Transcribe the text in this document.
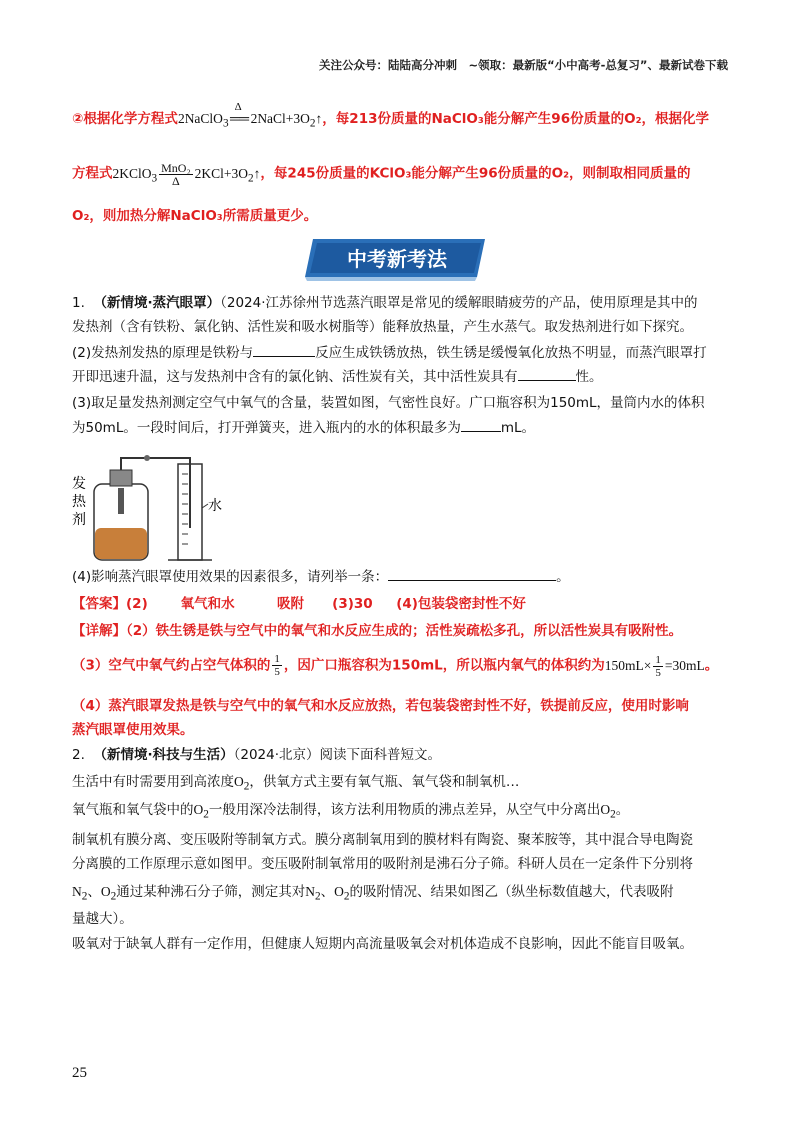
关注公众号：陆陆高分冲刺　~领取：最新版“小中高考-总复习”、最新试卷下载
②根据化学方程式2NaClO$_3$
Δ
$══2NaCl+3O_2↑$，每213份质量的NaClO₃能分解产生96份质量的O₂，根据化学
方程式2KClO$_3$ $\frac{\text{MnO₂}}{\Delta}$ $2KCl+3O_2↑$，每245份质量的KClO₃能分解产生96份质量的O₂，则制取相同质量的
O₂，则加热分解NaClO₃所需质量更少。
中考新考法
1. （新情境·蒸汽眼罩）（2024·江苏徐州节选蒸汽眼罩是常见的缓解眼睛疲劳的产品，使用原理是其中的
发热剂（含有铁粉、氯化钠、活性炭和吸水树脂等）能释放热量，产生水蒸气。取发热剂进行如下探究。
(2)发热剂发热的原理是铁粉与	反应生成铁锈放热，铁生锈是缓慢氧化放热不明显，而蒸汽眼罩打
开即迅速升温，这与发热剂中含有的氯化钠、活性炭有关，其中活性炭具有	性。
(3)取足量发热剂测定空气中氧气的含量，装置如图，气密性良好。广口瓶容积为150mL，量筒内水的体积
为50mL。一段时间后，打开弹簧夹，进入瓶内的水的体积最多为	mL。
发
热
剂
水
(4)影响蒸汽眼罩使用效果的因素很多，请列举一条：	。
【答案】(2) 氧气和水	吸附 (3)30 (4)包装袋密封性不好
【详解】（2）铁生锈是铁与空气中的氧气和水反应生成的；活性炭疏松多孔，所以活性炭具有吸附性。
（3）空气中氧气约占空气体积的 $\frac{1}{5}$ ，因广口瓶容积为150mL，所以瓶内氧气的体积约为$150mL\times \frac{1}{5} =30mL$。
（4）蒸汽眼罩发热是铁与空气中的氧气和水反应放热，若包装袋密封性不好，铁提前反应，使用时影响
蒸汽眼罩使用效果。
2. （新情境·科技与生活）（2024·北京）阅读下面科普短文。
生活中有时需要用到高浓度$O_2$，供氧方式主要有氧气瓶、氧气袋和制氧机…
氧气瓶和氧气袋中的$O_2$一般用深冷法制得，该方法利用物质的沸点差异，从空气中分离出$O_2$。
制氧机有膜分离、变压吸附等制氧方式。膜分离制氧用到的膜材料有陶瓷、聚苯胺等，其中混合导电陶瓷
分离膜的工作原理示意如图甲。变压吸附制氧常用的吸附剂是沸石分子筛。科研人员在一定条件下分别将
$N_2$、$O_2$通过某种沸石分子筛，测定其对$N_2$、$O_2$的吸附情况、结果如图乙（纵坐标数值越大，代表吸附
量越大）。
吸氧对于缺氧人群有一定作用，但健康人短期内高流量吸氧会对机体造成不良影响，因此不能盲目吸氧。
25
